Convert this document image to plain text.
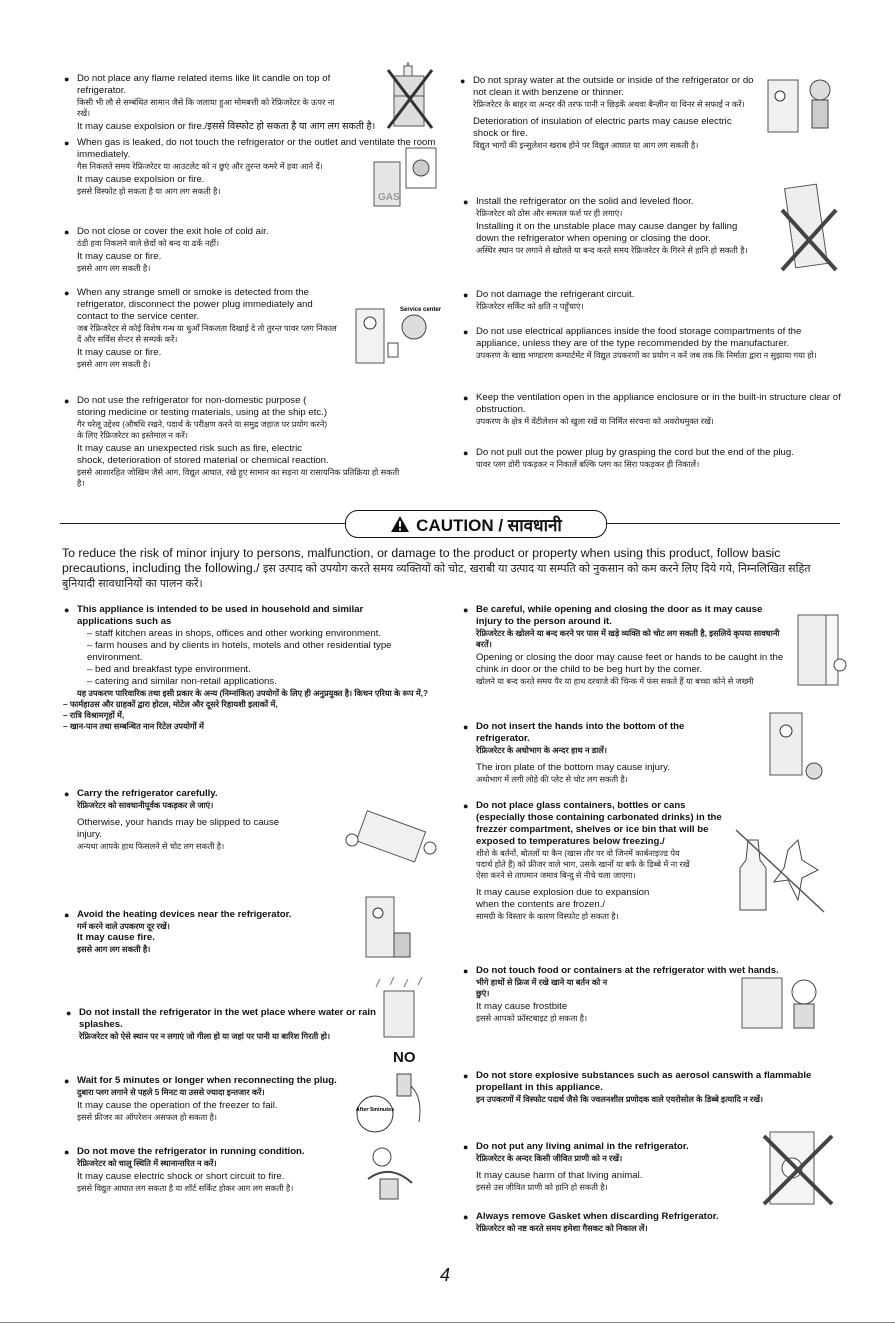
● Do not place any flame related items like lit candle on top of refrigerator.
किसी भी लौ से सम्बंधित सामान जैसे कि जलाया हुआ मोमबत्ती को रेफ्रिजरेटर के ऊपर ना रखें।
It may cause expolsion or fire./इससे विस्फोट हो सकता है या आग लग सकती है।
● When gas is leaked, do not touch the refrigerator or the outlet and ventilate the room immediately.
गैस निकलते समय रेफ्रिजरेटर या आउटलेट को न छुएं और तुरन्त कमरे में हवा आने दें।
It may cause expolsion or fire.
इससे विस्फोट हो सकता है या आग लग सकती है।
● Do not close or cover the exit hole of cold air.
ठंडी हवा निकलने वाले छेदों को बन्द या ढकें नहीं।
It may cause or fire.
इससे आग लग सकती है।
● When any strange smell or smoke is detected from the refrigerator, disconnect the power plug immediately and contact to the service center.
जब रेफ्रिजरेटर से कोई विशेष गन्ध या धुआँ निकलता दिखाई दे तो तुरन्त पावर प्लग निकाल दें और सर्विस सेन्टर से सम्पर्क करें।
It may cause or fire.
इससे आग लग सकती है।
● Do not use the refrigerator for non-domestic purpose ( storing medicine or testing materials, using at the ship etc.)
गैर घरेलू उद्देश्य (औषधि रखने, पदार्थ के परीक्षण करने या समुद्र जहाज पर प्रयोग करने) के लिए रेफ्रिजरेटर का इस्तेमाल न करें।
It may cause an unexpected risk such as fire, electric shock, deterioration of stored material or chemical reaction.
इससे आशारहित जोखिम जैसे आग, विद्युत आघात, रखे हुए सामान का सड़ना या रासायनिक प्रतिक्रिया हो सकती है।
GAS
Service center
● Do not spray water at the outside or inside of the refrigerator or do not clean it with benzene or thinner.
रेफ्रिजरेटर के बाहर या अन्दर की तरफ पानी न छिड़कें अथवा बैन्ज़ीन या थिनर से सफाई न करें।
Deterioration of insulation of electric parts may cause electric shock or fire.
विद्युत भागों की इन्सुलेशन खराब होने पर विद्युत आघात या आग लग सकती है।
● Install the refrigerator on the solid and leveled floor.
रेफ्रिजरेटर को ठोस और समतल फर्श पर ही लगाएं।
Installing it on the unstable place may cause danger by falling down the refrigerator when opening or closing the door.
अस्थिर स्थान पर लगाने से खोलते या बन्द करते समय रेफ्रिजरेटर के गिरने से हानि हो सकती है।
● Do not damage the refrigerant circuit.
रेफ्रिजरेटर सर्किट को क्षति न पहुँचाएं।
● Do not use electrical appliances inside the food storage compartments of the appliance, unless they are of the type recommended by the manufacturer.
उपकरण के खाद्य भण्डारण कम्पार्टमेंट में विद्युत उपकरणों का प्रयोग न करें जब तक कि निर्माता द्वारा न सुझाया गया हो।
● Keep the ventilation open in the appliance enclosure or in the built-in structure clear of obstruction.
उपकरण के क्षेत्र में वेंटीलेशन को खुला रखें या निर्मित संरचना को अवरोधमुक्त रखें।
● Do not pull out the power plug by grasping the cord but the end of the plug.
पावर प्लग डोरी पकड़कर न निकालें बल्कि प्लग का सिरा पकड़कर ही निकालें।
CAUTION / सावधानी
To reduce the risk of minor injury to persons, malfunction, or damage to the product or property when using this product, follow basic precautions, including the following./ इस उत्पाद को उपयोग करते समय व्यक्तियों को चोट, खराबी या उत्पाद या सम्पति को नुकसान को कम करने लिए दिये गये, निम्नलिखित सहित बुनियादी सावधानियों का पालन करें।
● This appliance is intended to be used in household and similar applications such as
– staff kitchen areas in shops, offices and other working environment.
– farm houses and by clients in hotels, motels and other residential type environment.
– bed and breakfast type environment.
– catering and similar non-retail applications.
यह उपकरण पारिवारिक तथा इसी प्रकार के अन्य (निम्नांकित) उपयोगों के लिए ही अनुप्रयुक्त है। किचन एरिया के रूप में,?
– फार्महाउस और ग्राहकों द्वारा होटल, मोटेल और दूसरे रिहायशी इलाकों में,
– रात्रि विश्रामगृहों में,
– खान-पान तथा सम्बन्धित नान रिटेल उपयोगों में
● Carry the refrigerator carefully.
रेफ्रिजरेटर को सावधानीपूर्वक पकड़कर ले जाएं।
Otherwise, your hands may be slipped to cause injury.
अन्यथा आपके हाथ फिसलने से चोट लग सकती है।
● Avoid the heating devices near the refrigerator.
गर्म करने वाले उपकरण दूर रखें।
It may cause fire.
इससे आग लग सकती है।
● Do not install the refrigerator in the wet place where water or rain splashes.
रेफ्रिजरेटर को ऐसे स्थान पर न लगाएं जो गीला हो या जहां पर पानी या बारिश गिरती हो।
● Wait for 5 minutes or longer when reconnecting the plug.
दुबारा प्लग लगाने से पहले 5 मिनट या उससे ज्यादा इन्तजार करें।
It may cause the operation of the freezer to fail.
इससे फ्रीजर का ऑपरेशन असफल हो सकता है।
● Do not move the refrigerator in running condition.
रेफ्रिजरेटर को चालू स्थिति में स्थानान्तरित न करें।
It may cause electric shock or short circuit to fire.
इससे विद्युत आघात लग सकता है या शॉर्ट सर्किट होकर आग लग सकती है।
NO
After 5minutes
● Be careful, while opening and closing the door as it may cause injury to the person around it.
रेफ्रिजरेटर के खोलने या बन्द करने पर पास में खड़े व्यक्ति को चोट लग सकती है, इसलिये कृपया सावधानी बरतें।
Opening or closing the door may cause feet or hands to be caught in the chink in door or the child to be beg hurt by the comer.
खोलने या बन्द करते समय पैर या हाथ दरवाजे की चिन्क में फंस सकते हैं या बच्चा कोने से जख्मी
● Do not insert the hands into the bottom of the refrigerator.
रेफ्रिजरेटर के अधोभाग के अन्दर हाथ न डालें।
The iron plate of the bottom may cause injury.
अधोभाग में लगी लोहे की प्लेट से चोट लग सकती है।
● Do not place glass containers, bottles or cans (especially those containing carbonated drinks) in the frezzer compartment, shelves or ice bin that will be exposed to temperatures below freezing./
शीशे के बर्तनों, बोतलों या कैन (खास तौर पर वो जिनमें कार्बनाइज्ड पेय पदार्थ होते हैं) को फ्रीजर वाले भाग, उसके खानों या बर्फ के डिब्बे में ना रखें ऐसा करने से तापमान जमाव बिन्दु से नीचे चला जाएगा।
It may cause explosion due to expansion when the contents are frozen./
सामग्री के विस्तार के कारण विस्फोट हो सकता है।
● Do not touch food or containers at the refrigerator with wet hands.
भीगे हाथों से फ्रिज में रखे खाने या बर्तन को न छुएं।
It may cause frostbite
इससे आपको फ्रॉस्टबाइट हो सकता है।
● Do not store explosive substances such as aerosol canswith a flammable propellant in this appliance.
इन उपकरणों में विस्फोट पदार्थ जैसे कि ज्वलनशील प्रणोदक वाले एयरोसोल के डिब्बे इत्यादि न रखें।
● Do not put any living animal in the refrigerator.
रेफ्रिजरेटर के अन्दर किसी जीवित प्राणी को न रखें।
It may cause harm of that living animal.
इससे उस जीवित प्राणी को हानि हो सकती है।
● Always remove Gasket when discarding Refrigerator.
रेफ्रिजरेटर को नष्ट करते समय हमेशा गैसकट को निकाल लें।
4
